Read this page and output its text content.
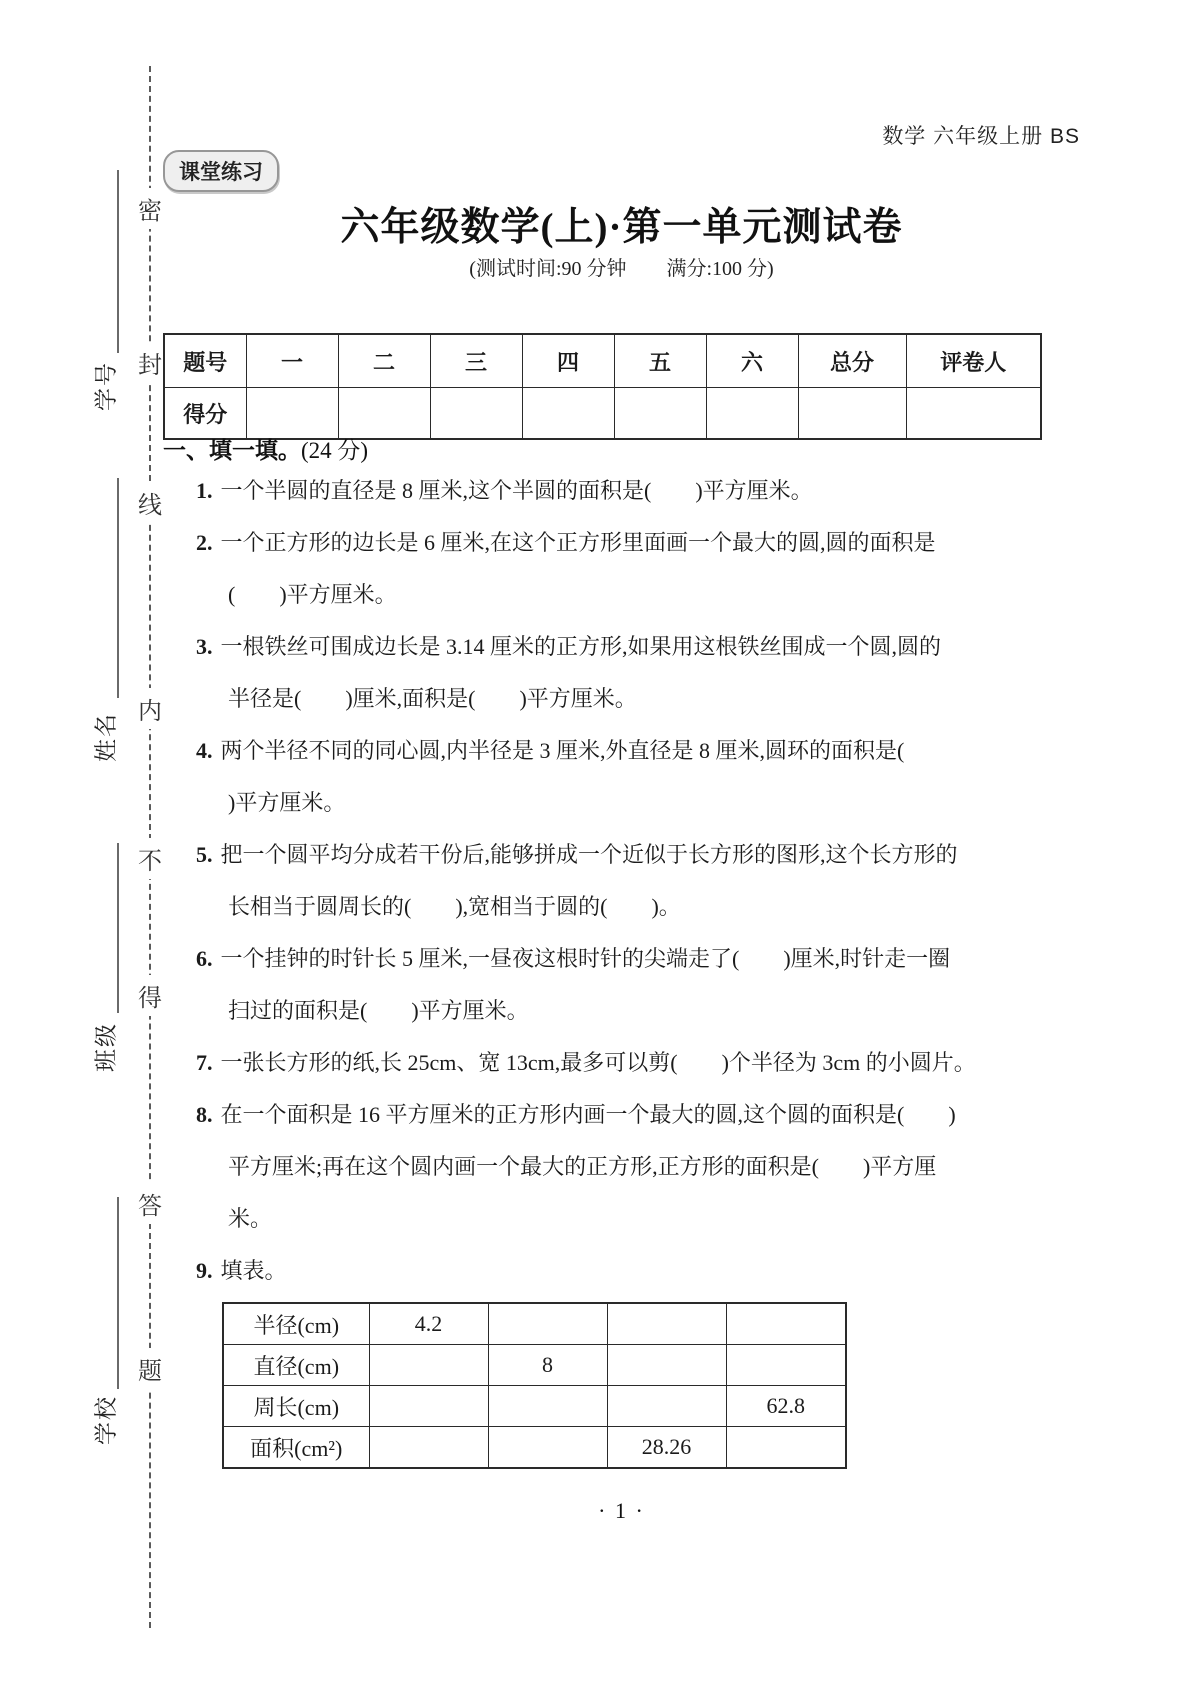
密
封
线
内
不
得
答
题
学号
姓名
班级
学校
数学 六年级上册 BS
课堂练习
六年级数学(上)·第一单元测试卷
(测试时间:90 分钟　　满分:100 分)
题号	一	二	三	四	五	六	总分	评卷人
得分								
一、填一填。(24 分)
1. 一个半圆的直径是 8 厘米,这个半圆的面积是(　　)平方厘米。
2. 一个正方形的边长是 6 厘米,在这个正方形里面画一个最大的圆,圆的面积是
(　　)平方厘米。
3. 一根铁丝可围成边长是 3.14 厘米的正方形,如果用这根铁丝围成一个圆,圆的
半径是(　　)厘米,面积是(　　)平方厘米。
4. 两个半径不同的同心圆,内半径是 3 厘米,外直径是 8 厘米,圆环的面积是(
)平方厘米。
5. 把一个圆平均分成若干份后,能够拼成一个近似于长方形的图形,这个长方形的
长相当于圆周长的(　　),宽相当于圆的(　　)。
6. 一个挂钟的时针长 5 厘米,一昼夜这根时针的尖端走了(　　)厘米,时针走一圈
扫过的面积是(　　)平方厘米。
7. 一张长方形的纸,长 25cm、宽 13cm,最多可以剪(　　)个半径为 3cm 的小圆片。
8. 在一个面积是 16 平方厘米的正方形内画一个最大的圆,这个圆的面积是(　　)
平方厘米;再在这个圆内画一个最大的正方形,正方形的面积是(　　)平方厘
米。
9. 填表。
半径(cm)	4.2			
直径(cm)		8		
周长(cm)				62.8
面积(cm²)			28.26	
· 1 ·
